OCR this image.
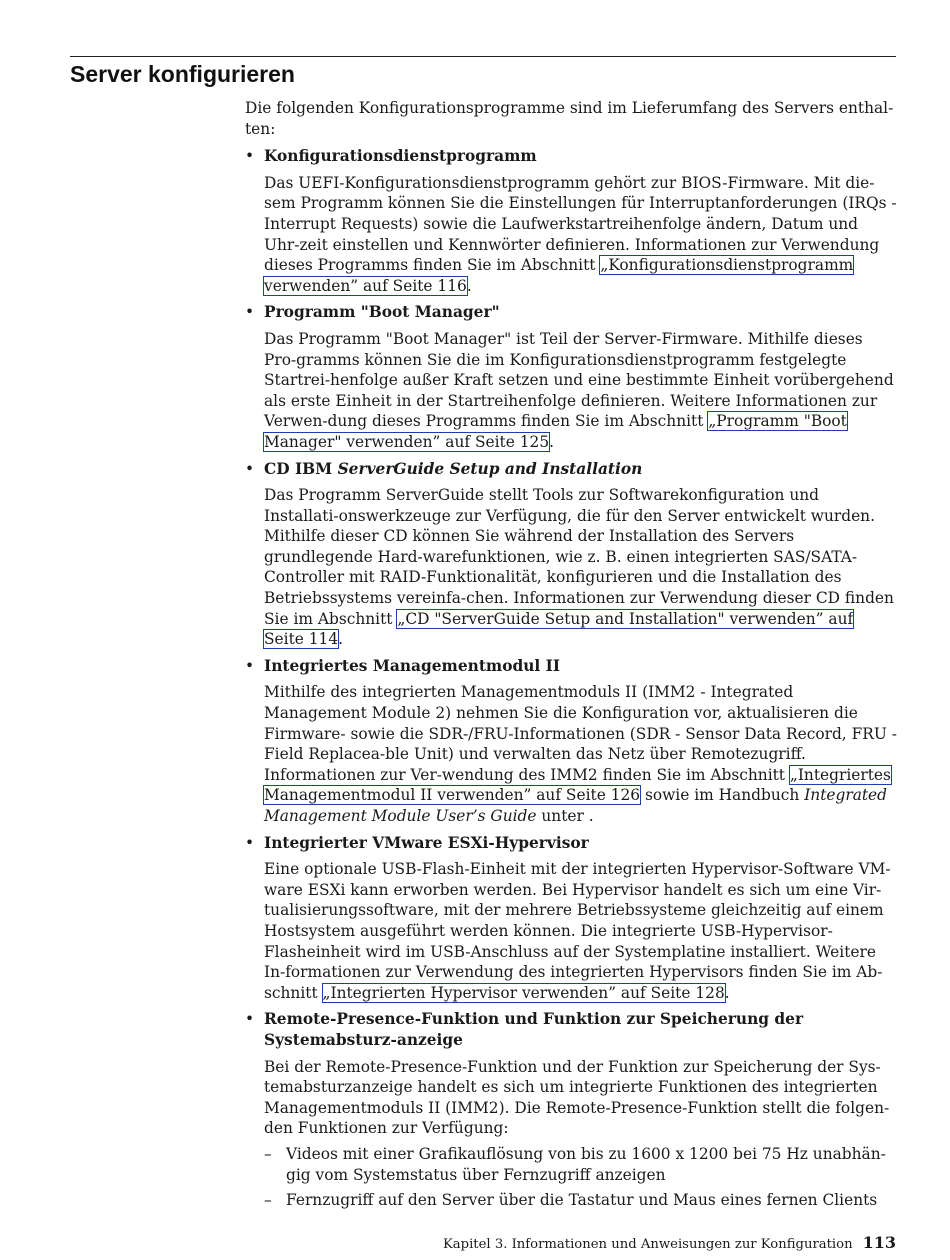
Server konfigurieren

Die folgenden Konfigurationsprogramme sind im Lieferumfang des Servers enthal-ten:

• Konfigurationsdienstprogramm

Das UEFI-Konfigurationsdienstprogramm gehört zur BIOS-Firmware. Mit die-sem Programm können Sie die Einstellungen für Interruptanforderungen (IRQs - Interrupt Requests) sowie die Laufwerkstartreihenfolge ändern, Datum und Uhr-zeit einstellen und Kennwörter definieren. Informationen zur Verwendung dieses Programms finden Sie im Abschnitt „Konfigurationsdienstprogramm verwenden” auf Seite 116.

• Programm "Boot Manager"

Das Programm "Boot Manager" ist Teil der Server-Firmware. Mithilfe dieses Pro-gramms können Sie die im Konfigurationsdienstprogramm festgelegte Startrei-henfolge außer Kraft setzen und eine bestimmte Einheit vorübergehend als erste Einheit in der Startreihenfolge definieren. Weitere Informationen zur Verwen-dung dieses Programms finden Sie im Abschnitt „Programm "Boot Manager" verwenden” auf Seite 125.

• CD IBM ServerGuide Setup and Installation

Das Programm ServerGuide stellt Tools zur Softwarekonfiguration und Installati-onswerkzeuge zur Verfügung, die für den Server entwickelt wurden. Mithilfe dieser CD können Sie während der Installation des Servers grundlegende Hard-warefunktionen, wie z. B. einen integrierten SAS/SATA-Controller mit RAID-Funktionalität, konfigurieren und die Installation des Betriebssystems vereinfa-chen. Informationen zur Verwendung dieser CD finden Sie im Abschnitt „CD "ServerGuide Setup and Installation" verwenden” auf Seite 114.

• Integriertes Managementmodul II

Mithilfe des integrierten Managementmoduls II (IMM2 - Integrated Management Module 2) nehmen Sie die Konfiguration vor, aktualisieren die Firmware- sowie die SDR-/FRU-Informationen (SDR - Sensor Data Record, FRU - Field Replacea-ble Unit) und verwalten das Netz über Remotezugriff. Informationen zur Ver-wendung des IMM2 finden Sie im Abschnitt „Integriertes Managementmodul II verwenden” auf Seite 126 sowie im Handbuch Integrated Management Module User’s Guide unter .

• Integrierter VMware ESXi-Hypervisor

Eine optionale USB-Flash-Einheit mit der integrierten Hypervisor-Software VM-ware ESXi kann erworben werden. Bei Hypervisor handelt es sich um eine Vir-tualisierungssoftware, mit der mehrere Betriebssysteme gleichzeitig auf einem Hostsystem ausgeführt werden können. Die integrierte USB-Hypervisor-Flasheinheit wird im USB-Anschluss auf der Systemplatine installiert. Weitere In-formationen zur Verwendung des integrierten Hypervisors finden Sie im Ab-schnitt „Integrierten Hypervisor verwenden” auf Seite 128.

• Remote-Presence-Funktion und Funktion zur Speicherung der Systemabsturz-anzeige

Bei der Remote-Presence-Funktion und der Funktion zur Speicherung der Sys-temabsturzanzeige handelt es sich um integrierte Funktionen des integrierten Managementmoduls II (IMM2). Die Remote-Presence-Funktion stellt die folgen-den Funktionen zur Verfügung:

– Videos mit einer Grafikauflösung von bis zu 1600 x 1200 bei 75 Hz unabhän-gig vom Systemstatus über Fernzugriff anzeigen
– Fernzugriff auf den Server über die Tastatur und Maus eines fernen Clients
Kapitel 3. Informationen und Anweisungen zur Konfiguration 113
